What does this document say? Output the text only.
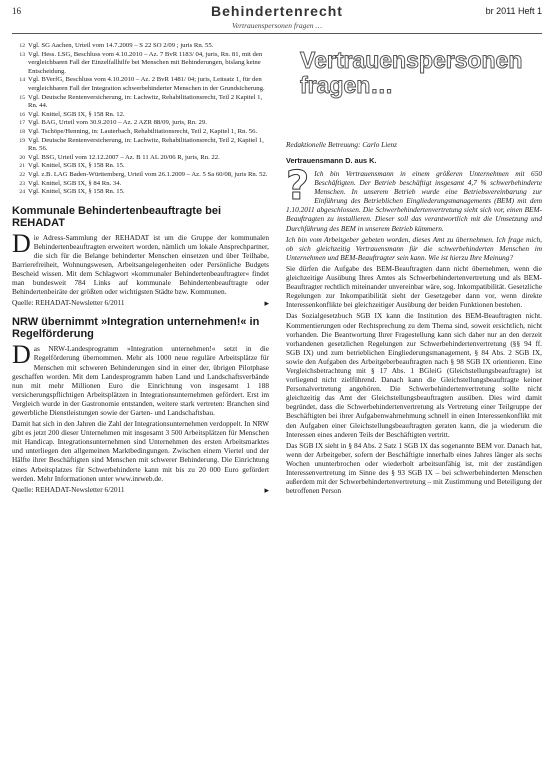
16	Behindertenrecht	br 2011 Heft 1
Vertrauenspersonen fragen …

12 Vgl. SG Aachen, Urteil vom 14.7.2009 – S 22 SO 2/09 ; juris Rn. 55.

13 Vgl. Hess. LSG, Beschluss vom 4.10.2010 – Az. 7 BvR 1183/ 04, juris, Rn. 81, mit den vergleichbaren Fall der Einzelfallhilfe bei Menschen mit Behinderungen, bislang keine Entscheidung.

14 Vgl. BVerfG, Beschluss vom 4.10.2010 – Az. 2 BvR 1481/ 04; juris, Leitsatz 1, für den vergleichbaren Fall der Integration schwerbehinderter Menschen in der Grundsicherung.

15 Vgl. Deutsche Rentenversicherung, in: Lachwitz, Rehabilitationsrecht, Teil 2 Kapitel 1, Rn. 44.

16 Vgl. Knittel, SGB IX, § 158 Rn. 12.

17 Vgl. BAG, Urteil vom 30.9.2010 – Az. 2 AZR 88/09, juris, Rn. 29.

18 Vgl. Tschöpe/Henning, in: Lauterbach, Rehabilitationsrecht, Teil 2, Kapitel 1, Rn. 56.

19 Vgl. Deutsche Rentenversicherung, in: Lachwitz, Rehabilitationsrecht, Teil 2, Kapitel 1, Rn. 56.

20 Vgl. BSG, Urteil vom 12.12.2007 – Az. B 11 AL 20/06 R, juris, Rn. 22.

21 Vgl. Knittel, SGB IX, § 158 Rn. 15.

22 Vgl. z.B. LAG Baden-Württemberg, Urteil vom 26.1.2009 – Az. 5 Sa 60/08, juris Rn. 52.

23 Vgl. Knittel, SGB IX, § 84 Rn. 34.

24 Vgl. Knittel, SGB IX, § 158 Rn. 15.

Kommunale Behindertenbeauftragte bei REHADAT

Die Adress-Sammlung der REHADAT ist um die Gruppe der kommunalen Behindertenbeauftragten erweitert worden, nämlich um lokale Ansprechpartner, die sich für die Belange behinderter Menschen einsetzen und über Teilhabe, Barrierefreiheit, Wohnungswesen, Arbeitsangelegenheiten oder Persönliche Budgets Bescheid wissen. Mit dem Schlagwort »kommunaler Behindertenbeauftragter« findet man bundesweit 784 Links auf kommunale Behindertenbeauftragte oder Behindertenbeiräte der größten oder wichtigsten Städte bzw. Kommunen.

Quelle: REHADAT-Newsletter 6/2011	▸
NRW übernimmt »Integration unternehmen!« in Regelförderung

Das NRW-Landesprogramm »Integration unternehmen!« setzt in die Regelförderung übernommen. Mehr als 1000 neue reguläre Arbeitsplätze für Menschen mit schweren Behinderungen sind in einer der, übrigen Pilotphase geschaffen worden. Mit dem Landesprogramm haben Land und Landschaftsverbände nun mit mehr Millionen Euro die Einrichtung von insgesamt 1 188 versicherungspflichtigen Arbeitsplätzen in Integrationsunternehmen gefördert. Erst im Vergleich wurde in der Gastronomie entstanden, weitere stark vertreten: Branchen sind gewerbliche Dienstleistungen sowie der Garten- und Landschaftsbau.

Damit hat sich in den Jahren die Zahl der Integrationsunternehmen verdoppelt. In NRW gibt es jetzt 200 dieser Unternehmen mit insgesamt 3 500 Arbeitsplätzen für Menschen mit Handicap. Integrationsunternehmen sind Unternehmen des ersten Arbeitsmarktes und unterliegen den allgemeinen Marktbedingungen. Zwischen einem Viertel und der Hälfte ihrer Beschäftigten sind Menschen mit schwerer Behinderung. Die Einrichtung eines Arbeitsplatzes für Schwerbehinderte kann mit bis zu 20 000 Euro gefördert werden. Mehr Informationen unter www.inrweb.de.

Quelle: REHADAT-Newsletter 6/2011	▸
Vertrauenspersonen
fragen…
Redaktionelle Betreuung: Carlo Lienz
Vertrauensmann D. aus K.
? Ich bin Vertrauensmann in einem größeren Unternehmen mit 650 Beschäftigten. Der Betrieb beschäftigt insgesamt 4,7 % schwerbehinderte Menschen. In unserem Betrieb wurde eine Betriebsvereinbarung zur Einführung des Betrieblichen Eingliederungsmanagements (BEM) mit dem 1.10.2011 abgeschlossen. Die Schwerbehindertenvertretung sieht sich vor, einen BEM-Beauftragten zu installieren. Dieser soll das verantwortlich mit die Umsetzung und Durchführung des BEM in unserem Betrieb kümmern.

Ich bin vom Arbeitgeber gebeten worden, dieses Amt zu übernehmen. Ich frage mich, ob sich gleichzeitig Vertrauensmann für die schwerbehinderten Menschen im Unternehmen und BEM-Beauftragter sein kann. Wie ist hierzu Ihre Meinung?

Sie dürfen die Aufgabe des BEM-Beauftragten dann nicht übernehmen, wenn die gleichzeitige Ausübung Ihres Amtes als Schwerbehindertenvertretung und als BEM-Beauftragter rechtlich miteinander unvereinbar wäre, sog. Inkompatibilität. Gesetzliche Regelungen zur Inkompatibilität sieht der Gesetzgeber dann vor, wenn direkte Interessenkonflikte bei gleichzeitiger Ausübung der beiden Funktionen bestehen.

Das Sozialgesetzbuch SGB IX kann die Institution des BEM-Beauftragten nicht. Kommentierungen oder Rechtsprechung zu dem Thema sind, soweit ersichtlich, nicht vorhanden. Die Beantwortung Ihrer Fragestellung kann sich daher nur an den derzeit vorhandenen gesetzlichen Regelungen zur Schwerbehindertenvertretung (§§ 94 ff. SGB IX) und zum betrieblichen Eingliederungsmanagement, § 84 Abs. 2 SGB IX, sowie den Aufgaben des Arbeitgeberbeauftragten nach § 98 SGB IX orientieren. Eine Vergleichsbetrachtung mit § 17 Abs. 1 BGleiG (Gleichstellungsbeauftragte) ist vorliegend nicht zielführend. Danach kann die Gleichstellungsbeauftragte keiner Personalvertretung angehören. Die Schwerbehindertenvertretung sollte nicht gleichzeitig das Amt der Gleichstellungsbeauftragten ausüben. Dies wird damit begründet, dass die Schwerbehindertenvertretung als Vertretung einer Teilgruppe der Beschäftigten bei ihrer Aufgabenwahrnehmung schnell in einen Interessenkonflikt mit den Aufgaben einer Gleichstellungsbeauftragten geraten kann, die ja wiederum die Interessen eines anderen Teils der Beschäftigten vertritt.

Das SGB IX sieht in § 84 Abs. 2 Satz 1 SGB IX das sogenannte BEM vor. Danach hat, wenn der Arbeitgeber, sofern der Beschäftigte innerhalb eines Jahres länger als sechs Wochen ununterbrochen oder wiederholt arbeitsunfähig ist, mit der zuständigen Interessenvertretung im Sinne des § 93 SGB IX – bei schwerbehinderten Menschen außerdem mit der Schwerbehindertenvertretung – mit Zustimmung und Beteiligung der betroffenen Person
